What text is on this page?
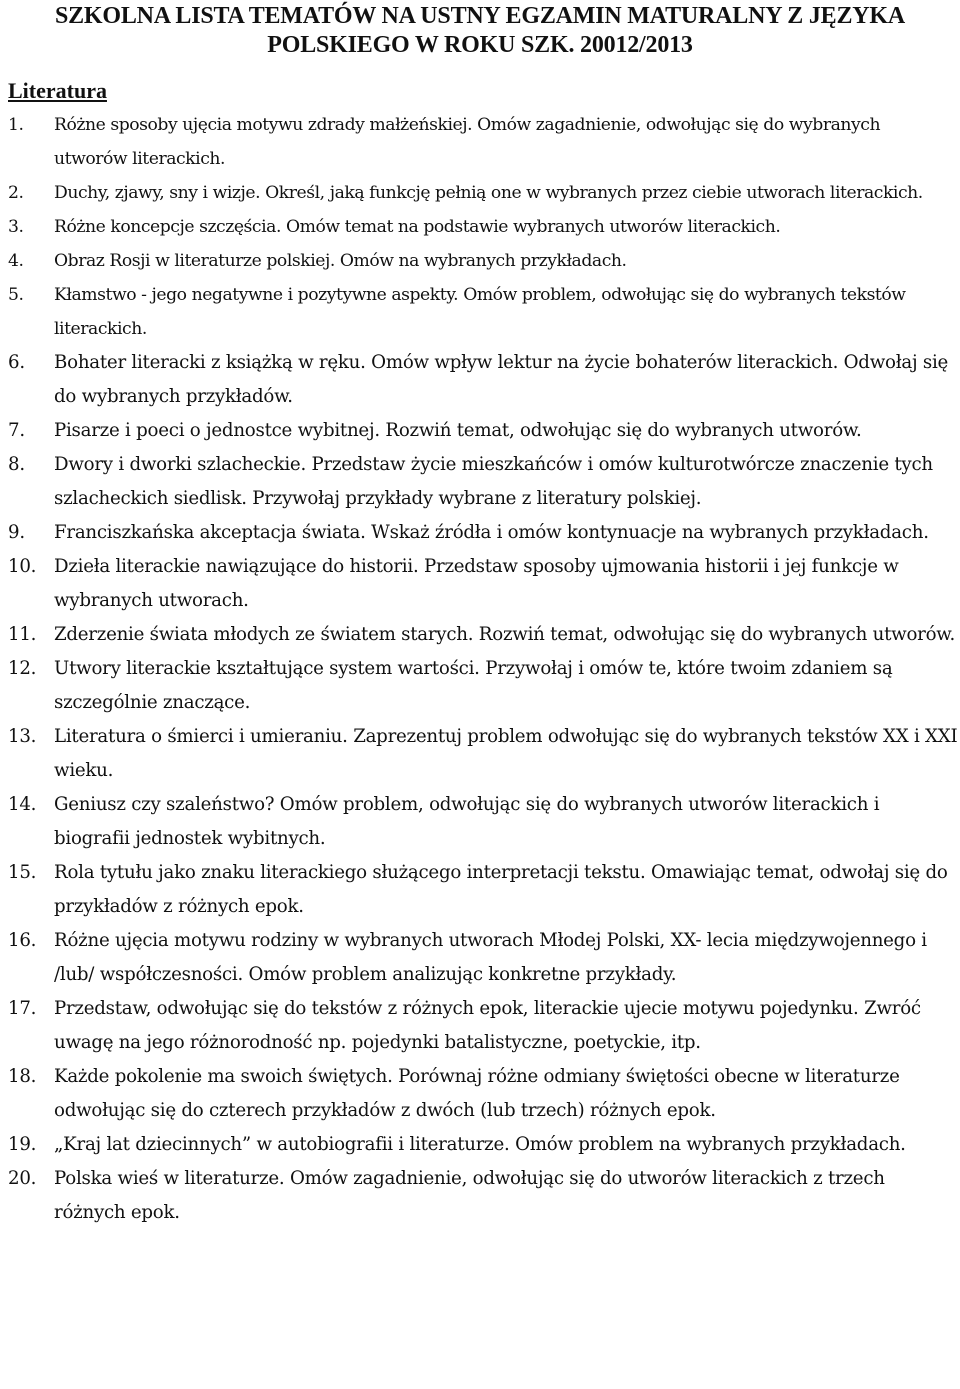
SZKOLNA LISTA TEMATÓW NA USTNY EGZAMIN MATURALNY Z JĘZYKA
POLSKIEGO W ROKU SZK. 20012/2013
Literatura
1. Różne sposoby ujęcia motywu zdrady małżeńskiej. Omów zagadnienie, odwołując się do wybranych utworów literackich.
2. Duchy, zjawy, sny i wizje. Określ, jaką funkcję pełnią one w wybranych przez ciebie utworach literackich.
3. Różne koncepcje szczęścia. Omów temat na podstawie wybranych utworów literackich.
4. Obraz Rosji w literaturze polskiej. Omów na wybranych przykładach.
5. Kłamstwo - jego negatywne i pozytywne aspekty. Omów problem, odwołując się do wybranych tekstów literackich.
6. Bohater literacki z książką w ręku. Omów wpływ lektur na życie bohaterów literackich. Odwołaj się do wybranych przykładów.
7. Pisarze i poeci o jednostce wybitnej. Rozwiń temat, odwołując się do wybranych utworów.
8. Dwory i dworki szlacheckie. Przedstaw życie mieszkańców i omów kulturotwórcze znaczenie tych szlacheckich siedlisk. Przywołaj przykłady wybrane z literatury polskiej.
9. Franciszkańska akceptacja świata. Wskaż źródła i omów kontynuacje na wybranych przykładach.
10. Dzieła literackie nawiązujące do historii. Przedstaw sposoby ujmowania historii i jej funkcje w wybranych utworach.
11. Zderzenie świata młodych ze światem starych. Rozwiń temat, odwołując się do wybranych utworów.
12. Utwory literackie kształtujące system wartości. Przywołaj i omów te, które twoim zdaniem są szczególnie znaczące.
13. Literatura o śmierci i umieraniu. Zaprezentuj problem odwołując się do wybranych tekstów XX i XXI wieku.
14. Geniusz czy szaleństwo? Omów problem, odwołując się do wybranych utworów literackich i biografii jednostek wybitnych.
15. Rola tytułu jako znaku literackiego służącego interpretacji tekstu. Omawiając temat, odwołaj się do przykładów z różnych epok.
16. Różne ujęcia motywu rodziny w wybranych utworach Młodej Polski, XX- lecia międzywojennego i /lub/ współczesności. Omów problem analizując konkretne przykłady.
17. Przedstaw, odwołując się do tekstów z różnych epok, literackie ujecie motywu pojedynku. Zwróć uwagę na jego różnorodność np. pojedynki batalistyczne, poetyckie, itp.
18. Każde pokolenie ma swoich świętych. Porównaj różne odmiany świętości obecne w literaturze odwołując się do czterech przykładów z dwóch (lub trzech) różnych epok.
19. „Kraj lat dziecinnych” w autobiografii i literaturze. Omów problem na wybranych przykładach.
20. Polska wieś w literaturze. Omów zagadnienie, odwołując się do utworów literackich z trzech różnych epok.
